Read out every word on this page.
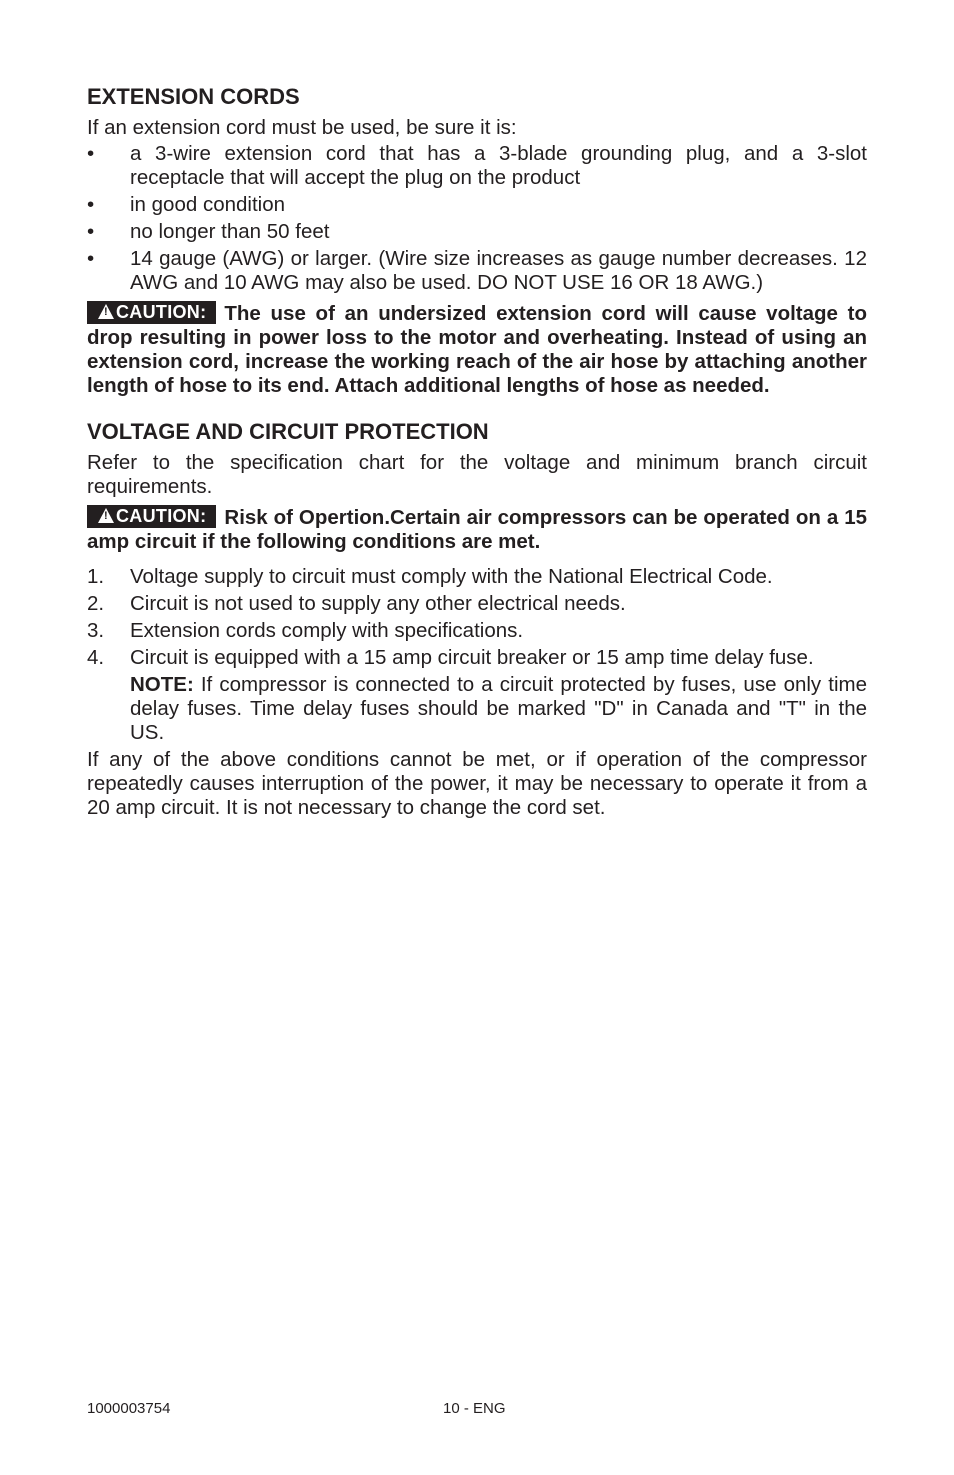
EXTENSION CORDS

If an extension cord must be used, be sure it is:

• a 3-wire extension cord that has a 3-blade grounding plug, and a 3-slot receptacle that will accept the plug on the product
• in good condition
• no longer than 50 feet
• 14 gauge (AWG) or larger. (Wire size increases as gauge number decreases. 12 AWG and 10 AWG may also be used. DO NOT USE 16 OR 18 AWG.)

!CAUTION: The use of an undersized extension cord will cause voltage to drop resulting in power loss to the motor and overheating. Instead of using an extension cord, increase the working reach of the air hose by attaching another length of hose to its end. Attach additional lengths of hose as needed.

VOLTAGE AND CIRCUIT PROTECTION

Refer to the specification chart for the voltage and minimum branch circuit requirements.

!CAUTION: Risk of Opertion.Certain air compressors can be operated on a 15 amp circuit if the following conditions are met.

1. Voltage supply to circuit must comply with the National Electrical Code.
2. Circuit is not used to supply any other electrical needs.
3. Extension cords comply with specifications.
4. Circuit is equipped with a 15 amp circuit breaker or 15 amp time delay fuse.

NOTE: If compressor is connected to a circuit protected by fuses, use only time delay fuses. Time delay fuses should be marked "D" in Canada and "T" in the US.

If any of the above conditions cannot be met, or if operation of the compressor repeatedly causes interruption of the power, it may be necessary to operate it from a 20 amp circuit. It is not necessary to change the cord set.

1000003754	10 - ENG
